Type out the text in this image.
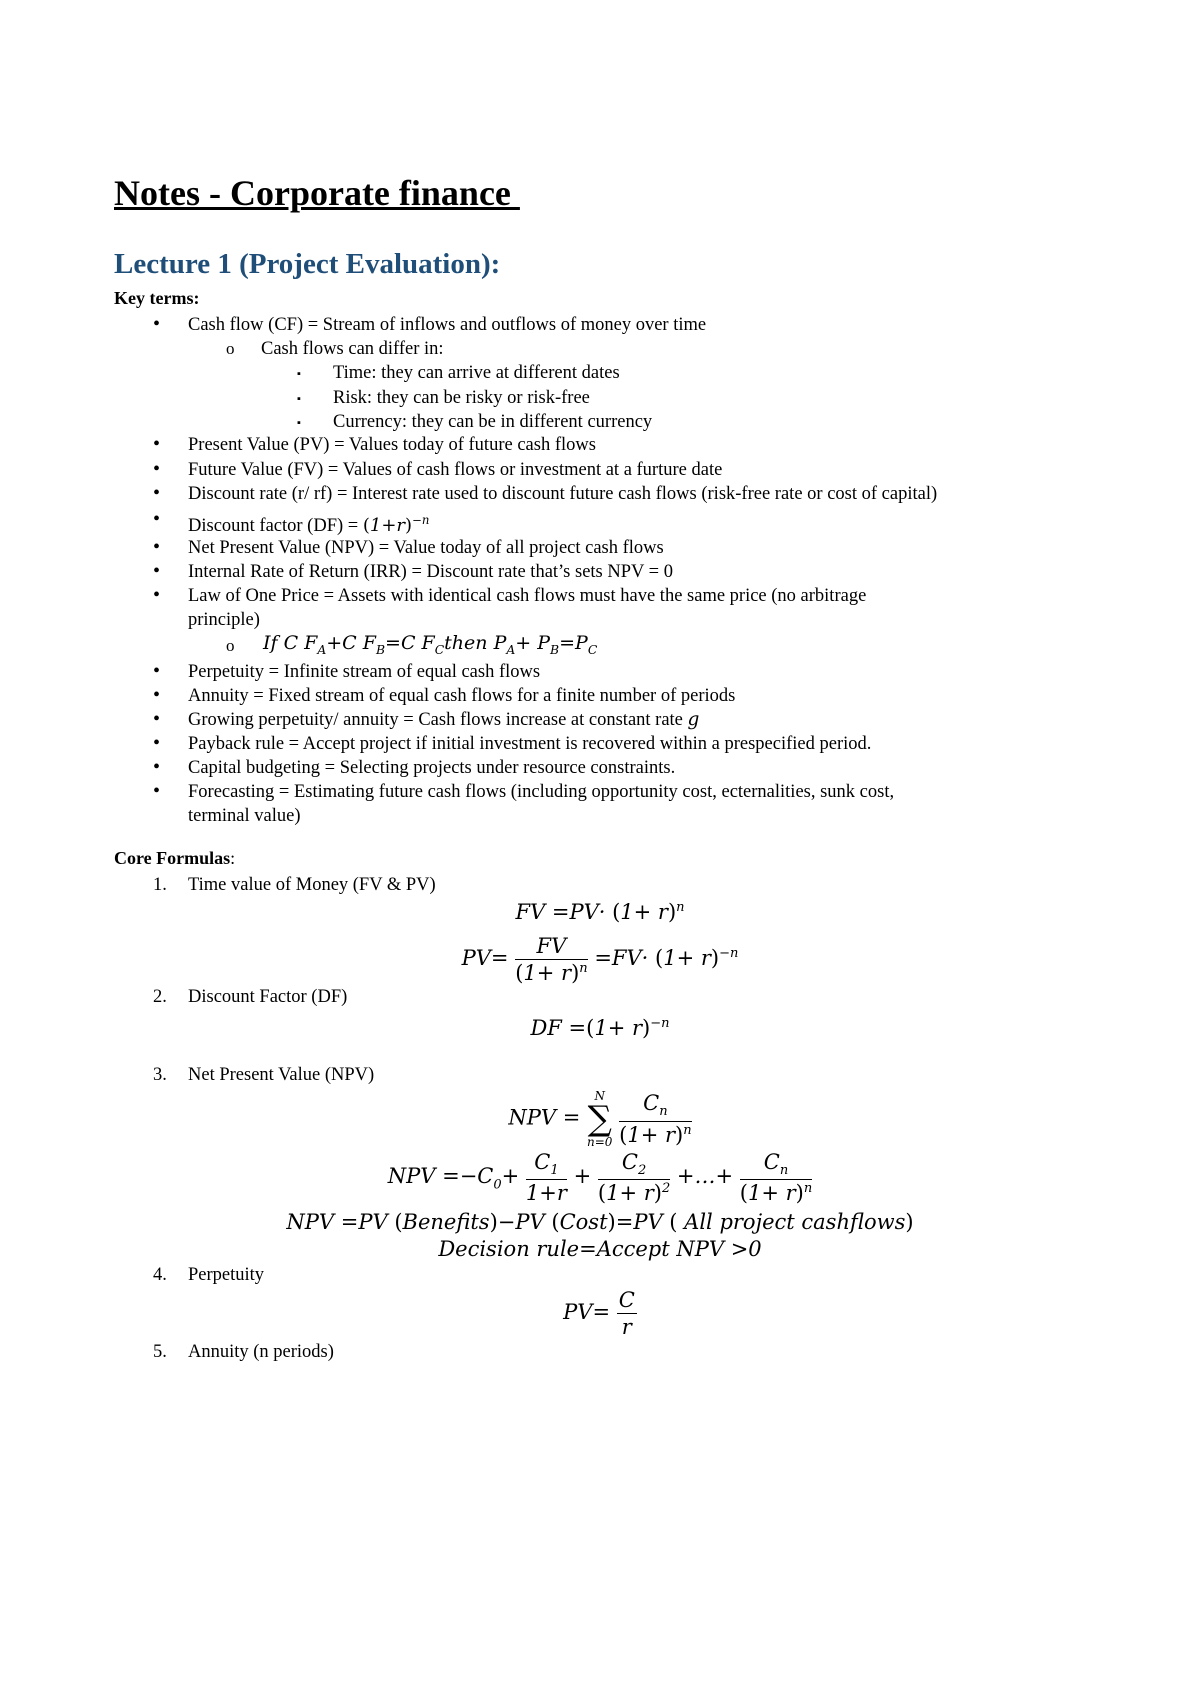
Notes - Corporate finance
Lecture 1 (Project Evaluation):
Key terms:
• Cash flow (CF) = Stream of inflows and outflows of money over time
o Cash flows can differ in:
▪ Time: they can arrive at different dates
▪ Risk: they can be risky or risk-free
▪ Currency: they can be in different currency
• Present Value (PV) = Values today of future cash flows
• Future Value (FV) = Values of cash flows or investment at a furture date
• Discount rate (r/ rf) = Interest rate used to discount future cash flows (risk-free rate or cost of capital)
• Discount factor $(DF) = (1+r)^{-n}$
• Net Present Value (NPV) = Value today of all project cash flows
• Internal Rate of Return (IRR) = Discount rate that’s sets NPV = 0
• Law of One Price = Assets with identical cash flows must have the same price (no arbitrage
principle)
o If C $F_A+C$ $F_B=C$ $F_Cthen$ $P_A+ P_B=P_C$
• Perpetuity = Infinite stream of equal cash flows
• Annuity = Fixed stream of equal cash flows for a finite number of periods
• Growing perpetuity/ annuity = Cash flows increase at constant rate g
• Payback rule = Accept project if initial investment is recovered within a prespecified period.
• Capital budgeting = Selecting projects under resource constraints.
• Forecasting = Estimating future cash flows (including opportunity cost, ecternalities, sunk cost,
terminal value)
Core Formulas:
1. Time value of Money (FV & PV)
FV $=PV\cdot (1+ r)^n$
$PV= \frac{FV}{(1+ r)^n} =FV\cdot (1+ r)^{-n}$
2. Discount Factor (DF)
DF $=(1+ r)^{-n}$
3. Net Present Value (NPV)
NPV =
N
∑
n=0
$\frac{C_n}{(1+ r)^n}$
NPV $=-C_0+ \frac{C_1}{1+r} + \frac{C_2}{(1+ r)^2}$ +…+ $\frac{C_n}{(1+ r)^n}$
NPV =PV (Benefits)−PV (Cost)=PV ( All project cashflows)
Decision rule=Accept NPV >0
4. Perpetuity
$PV= \frac{C}{r}$
5. Annuity (n periods)
